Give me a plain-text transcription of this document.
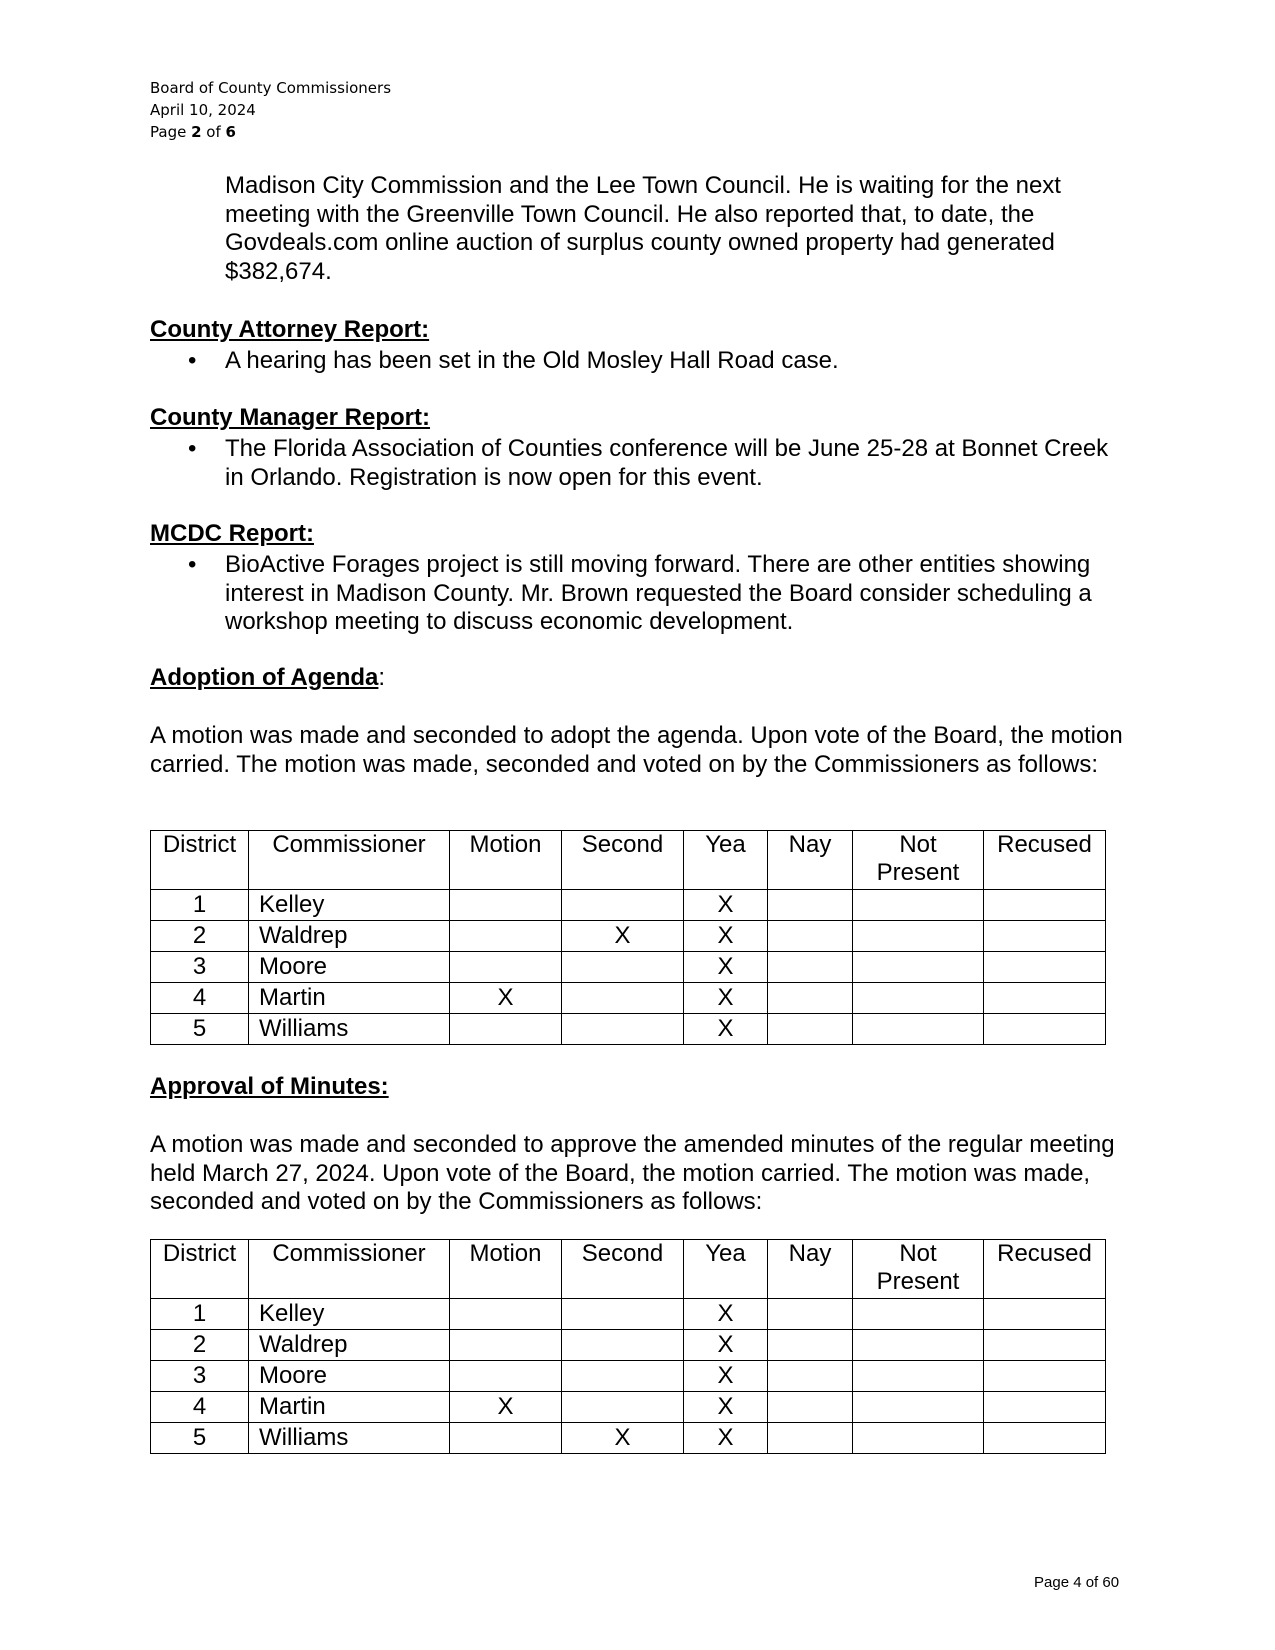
Board of County Commissioners
April 10, 2024
Page 2 of 6
Madison City Commission and the Lee Town Council. He is waiting for the next meeting with the Greenville Town Council. He also reported that, to date, the Govdeals.com online auction of surplus county owned property had generated $382,674.
County Attorney Report:
• A hearing has been set in the Old Mosley Hall Road case.
County Manager Report:
• The Florida Association of Counties conference will be June 25-28 at Bonnet Creek in Orlando. Registration is now open for this event.
MCDC Report:
• BioActive Forages project is still moving forward. There are other entities showing interest in Madison County. Mr. Brown requested the Board consider scheduling a workshop meeting to discuss economic development.
Adoption of Agenda:
A motion was made and seconded to adopt the agenda. Upon vote of the Board, the motion carried. The motion was made, seconded and voted on by the Commissioners as follows:
District	Commissioner	Motion	Second	Yea	Nay	Not Present	Recused
1	Kelley			X			
2	Waldrep		X	X			
3	Moore			X			
4	Martin	X		X			
5	Williams			X			
Approval of Minutes:
A motion was made and seconded to approve the amended minutes of the regular meeting held March 27, 2024. Upon vote of the Board, the motion carried. The motion was made, seconded and voted on by the Commissioners as follows:
District	Commissioner	Motion	Second	Yea	Nay	Not Present	Recused
1	Kelley			X			
2	Waldrep			X			
3	Moore			X			
4	Martin	X		X			
5	Williams		X	X			
Page 4 of 60
